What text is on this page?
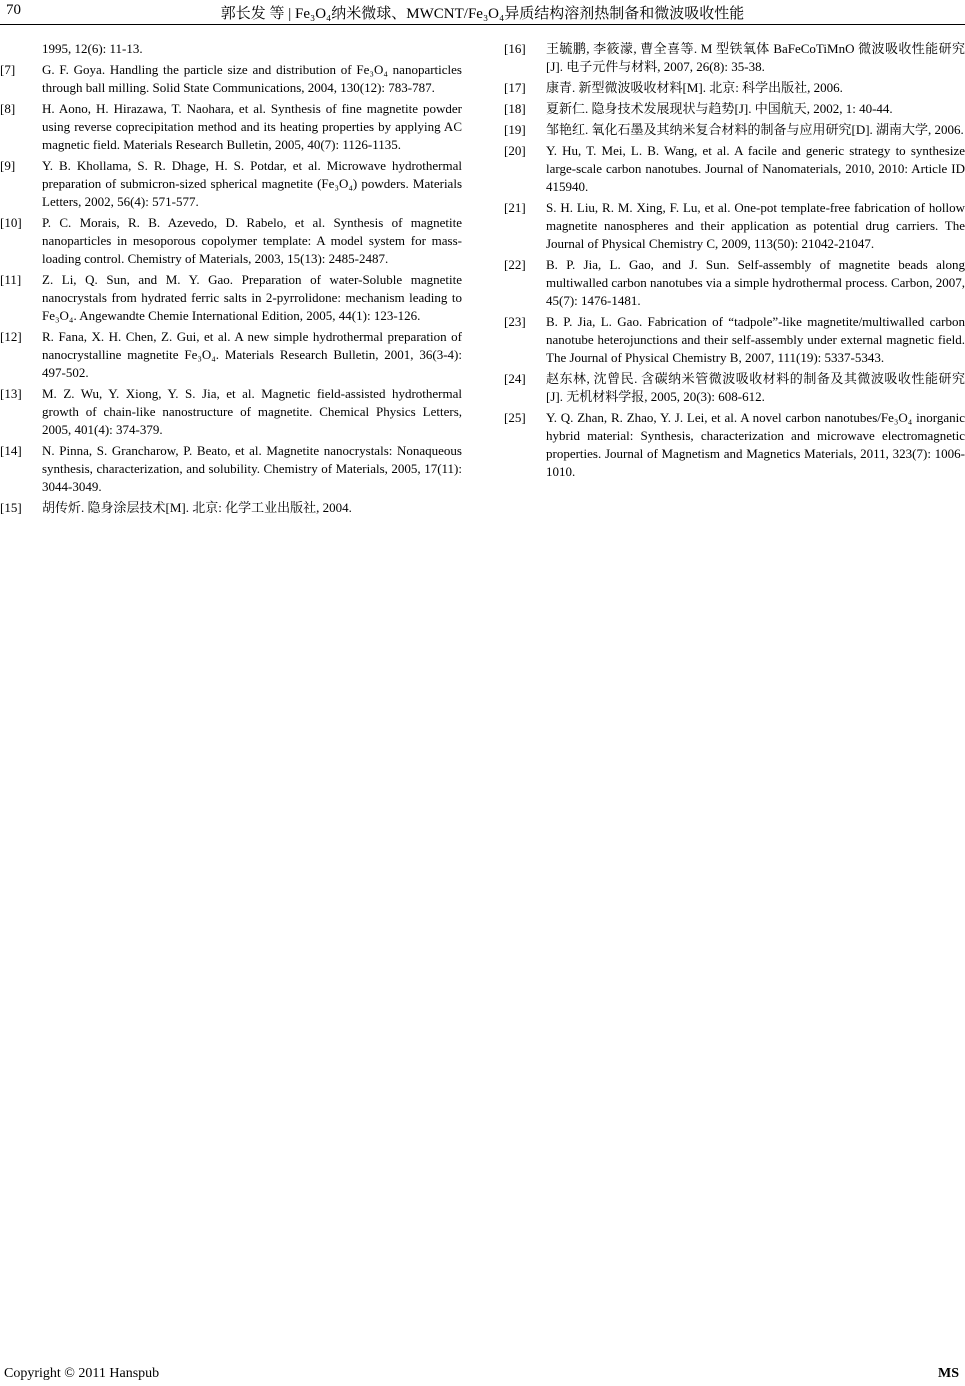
70	郭长发 等 | Fe₃O₄纳米微球、MWCNT/Fe₃O₄异质结构溶剂热制备和微波吸收性能
1995, 12(6): 11-13.
[7] G. F. Goya. Handling the particle size and distribution of Fe₃O₄ nanoparticles through ball milling. Solid State Communications, 2004, 130(12): 783-787.
[8] H. Aono, H. Hirazawa, T. Naohara, et al. Synthesis of fine magnetite powder using reverse coprecipitation method and its heating properties by applying AC magnetic field. Materials Research Bulletin, 2005, 40(7): 1126-1135.
[9] Y. B. Khollama, S. R. Dhage, H. S. Potdar, et al. Microwave hydrothermal preparation of submicron-sized spherical magnetite (Fe₃O₄) powders. Materials Letters, 2002, 56(4): 571-577.
[10] P. C. Morais, R. B. Azevedo, D. Rabelo, et al. Synthesis of magnetite nanoparticles in mesoporous copolymer template: A model system for mass-loading control. Chemistry of Materials, 2003, 15(13): 2485-2487.
[11] Z. Li, Q. Sun, and M. Y. Gao. Preparation of water-Soluble magnetite nanocrystals from hydrated ferric salts in 2-pyrrolidone: mechanism leading to Fe₃O₄. Angewandte Chemie International Edition, 2005, 44(1): 123-126.
[12] R. Fana, X. H. Chen, Z. Gui, et al. A new simple hydrothermal preparation of nanocrystalline magnetite Fe₃O₄. Materials Research Bulletin, 2001, 36(3-4): 497-502.
[13] M. Z. Wu, Y. Xiong, Y. S. Jia, et al. Magnetic field-assisted hydrothermal growth of chain-like nanostructure of magnetite. Chemical Physics Letters, 2005, 401(4): 374-379.
[14] N. Pinna, S. Grancharow, P. Beato, et al. Magnetite nanocrystals: Nonaqueous synthesis, characterization, and solubility. Chemistry of Materials, 2005, 17(11): 3044-3049.
[15] 胡传炘. 隐身涂层技术[M]. 北京: 化学工业出版社, 2004.
[16] 王毓鹏, 李筱濛, 曹全喜等. M 型铁氧体 BaFeCoTiMnO 微波吸收性能研究[J]. 电子元件与材料, 2007, 26(8): 35-38.
[17] 康青. 新型微波吸收材料[M]. 北京: 科学出版社, 2006.
[18] 夏新仁. 隐身技术发展现状与趋势[J]. 中国航天, 2002, 1: 40-44.
[19] 邹艳红. 氧化石墨及其纳米复合材料的制备与应用研究[D]. 湖南大学, 2006.
[20] Y. Hu, T. Mei, L. B. Wang, et al. A facile and generic strategy to synthesize large-scale carbon nanotubes. Journal of Nanomaterials, 2010, 2010: Article ID 415940.
[21] S. H. Liu, R. M. Xing, F. Lu, et al. One-pot template-free fabrication of hollow magnetite nanospheres and their application as potential drug carriers. The Journal of Physical Chemistry C, 2009, 113(50): 21042-21047.
[22] B. P. Jia, L. Gao, and J. Sun. Self-assembly of magnetite beads along multiwalled carbon nanotubes via a simple hydrothermal process. Carbon, 2007, 45(7): 1476-1481.
[23] B. P. Jia, L. Gao. Fabrication of “tadpole”-like magnetite/multiwalled carbon nanotube heterojunctions and their self-assembly under external magnetic field. The Journal of Physical Chemistry B, 2007, 111(19): 5337-5343.
[24] 赵东林, 沈曾民. 含碳纳米管微波吸收材料的制备及其微波吸收性能研究[J]. 无机材料学报, 2005, 20(3): 608-612.
[25] Y. Q. Zhan, R. Zhao, Y. J. Lei, et al. A novel carbon nanotubes/Fe₃O₄ inorganic hybrid material: Synthesis, characterization and microwave electromagnetic properties. Journal of Magnetism and Magnetics Materials, 2011, 323(7): 1006-1010.
Copyright © 2011 Hanspub	MS
